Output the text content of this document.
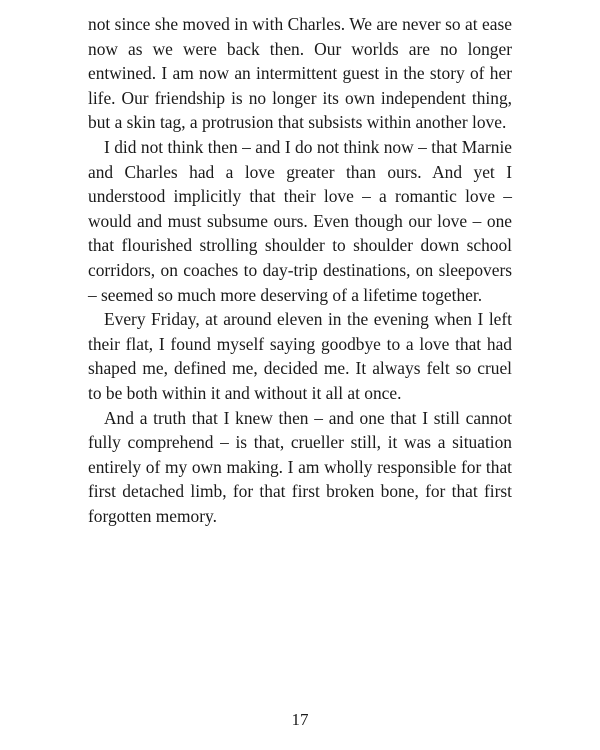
not since she moved in with Charles. We are never so at ease now as we were back then. Our worlds are no longer entwined. I am now an intermittent guest in the story of her life. Our friendship is no longer its own independent thing, but a skin tag, a protrusion that subsists within another love.

I did not think then – and I do not think now – that Marnie and Charles had a love greater than ours. And yet I understood implicitly that their love – a romantic love – would and must subsume ours. Even though our love – one that flourished strolling shoulder to shoulder down school corridors, on coaches to day-trip destinations, on sleepovers – seemed so much more deserving of a lifetime together.

Every Friday, at around eleven in the evening when I left their flat, I found myself saying goodbye to a love that had shaped me, defined me, decided me. It always felt so cruel to be both within it and without it all at once.

And a truth that I knew then – and one that I still cannot fully comprehend – is that, crueller still, it was a situation entirely of my own making. I am wholly responsible for that first detached limb, for that first broken bone, for that first forgotten memory.

17
